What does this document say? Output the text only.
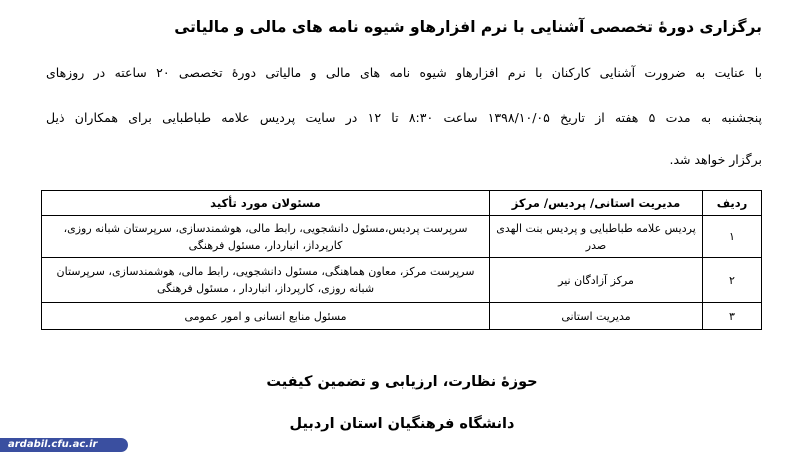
برگزاری دورهٔ تخصصی آشنایی با نرم افزارهاو شیوه نامه های مالی و مالیاتی
با عنایت به ضرورت آشنایی کارکنان با نرم افزارهاو شیوه نامه های مالی و مالیاتی دورهٔ تخصصی ۲۰ ساعته در روزهای
پنجشنبه به مدت ۵ هفته از تاریخ ۱۳۹۸/۱۰/۰۵ ساعت ۸:۳۰ تا ۱۲ در سایت پردیس علامه طباطبایی برای همکاران ذیل
برگزار خواهد شد.
ردیف	مدیریت استانی/ پردیس/ مرکز	مسئولان مورد تأکید
۱	پردیس علامه طباطبایی و پردیس بنت الهدی صدر	سرپرست پردیس،مسئول دانشجویی، رابط مالی، هوشمندسازی، سرپرستان شبانه روزی، کارپرداز، انباردار، مسئول فرهنگی
۲	مرکز آزادگان نیر	سرپرست مرکز، معاون هماهنگی، مسئول دانشجویی، رابط مالی، هوشمندسازی، سرپرستان شبانه روزی، کارپرداز، انباردار ، مسئول فرهنگی
۳	مدیریت استانی	مسئول منابع انسانی و امور عمومی
حوزهٔ نظارت، ارزیابی و تضمین کیفیت
دانشگاه فرهنگیان استان اردبیل
ardabil.cfu.ac.ir
